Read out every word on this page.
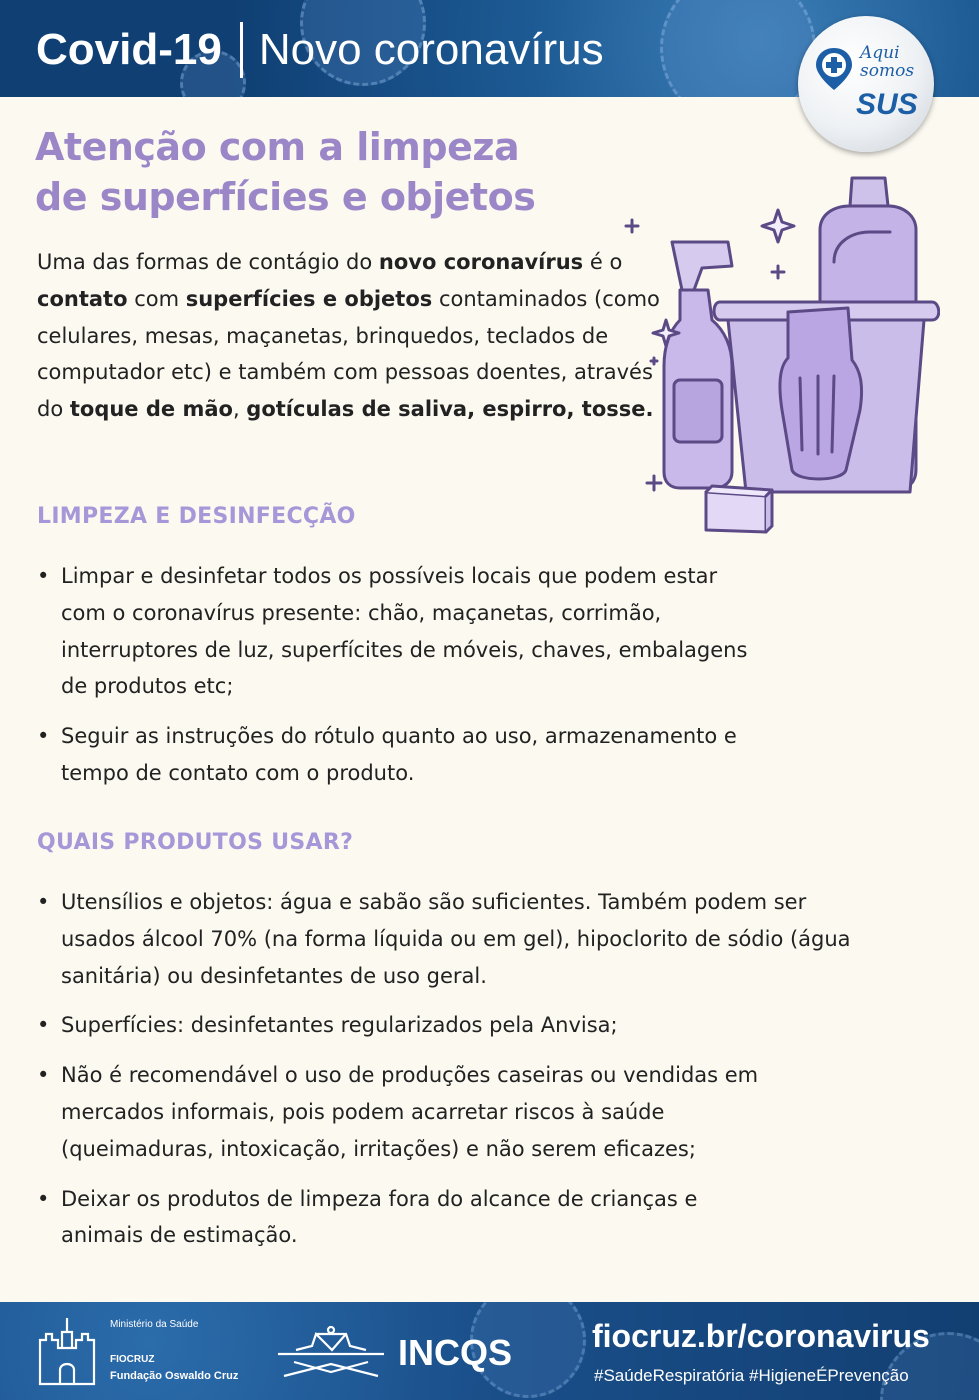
Covid-19 Novo coronavírus	Aqui
somos
SUS
Atenção com a limpeza
de superfícies e objetos

Uma das formas de contágio do novo coronavírus é o contato com superfícies e objetos contaminados (como celulares, mesas, maçanetas, brinquedos, teclados de computador etc) e também com pessoas doentes, através do toque de mão, gotículas de saliva, espirro, tosse.

LIMPEZA E DESINFECÇÃO
• Limpar e desinfetar todos os possíveis locais que podem estar com o coronavírus presente: chão, maçanetas, corrimão, interruptores de luz, superfícites de móveis, chaves, embalagens de produtos etc;
• Seguir as instruções do rótulo quanto ao uso, armazenamento e tempo de contato com o produto.
QUAIS PRODUTOS USAR?
• Utensílios e objetos: água e sabão são suficientes. Também podem ser usados álcool 70% (na forma líquida ou em gel), hipoclorito de sódio (água sanitária) ou desinfetantes de uso geral.
• Superfícies: desinfetantes regularizados pela Anvisa;
• Não é recomendável o uso de produções caseiras ou vendidas em mercados informais, pois podem acarretar riscos à saúde (queimaduras, intoxicação, irritações) e não serem eficazes;
• Deixar os produtos de limpeza fora do alcance de crianças e animais de estimação.
Ministério da Saúde
FIOCRUZ
Fundação Oswaldo Cruz
INCQS fiocruz.br/coronavirus
#SaúdeRespiratória #HigieneÉPrevenção
